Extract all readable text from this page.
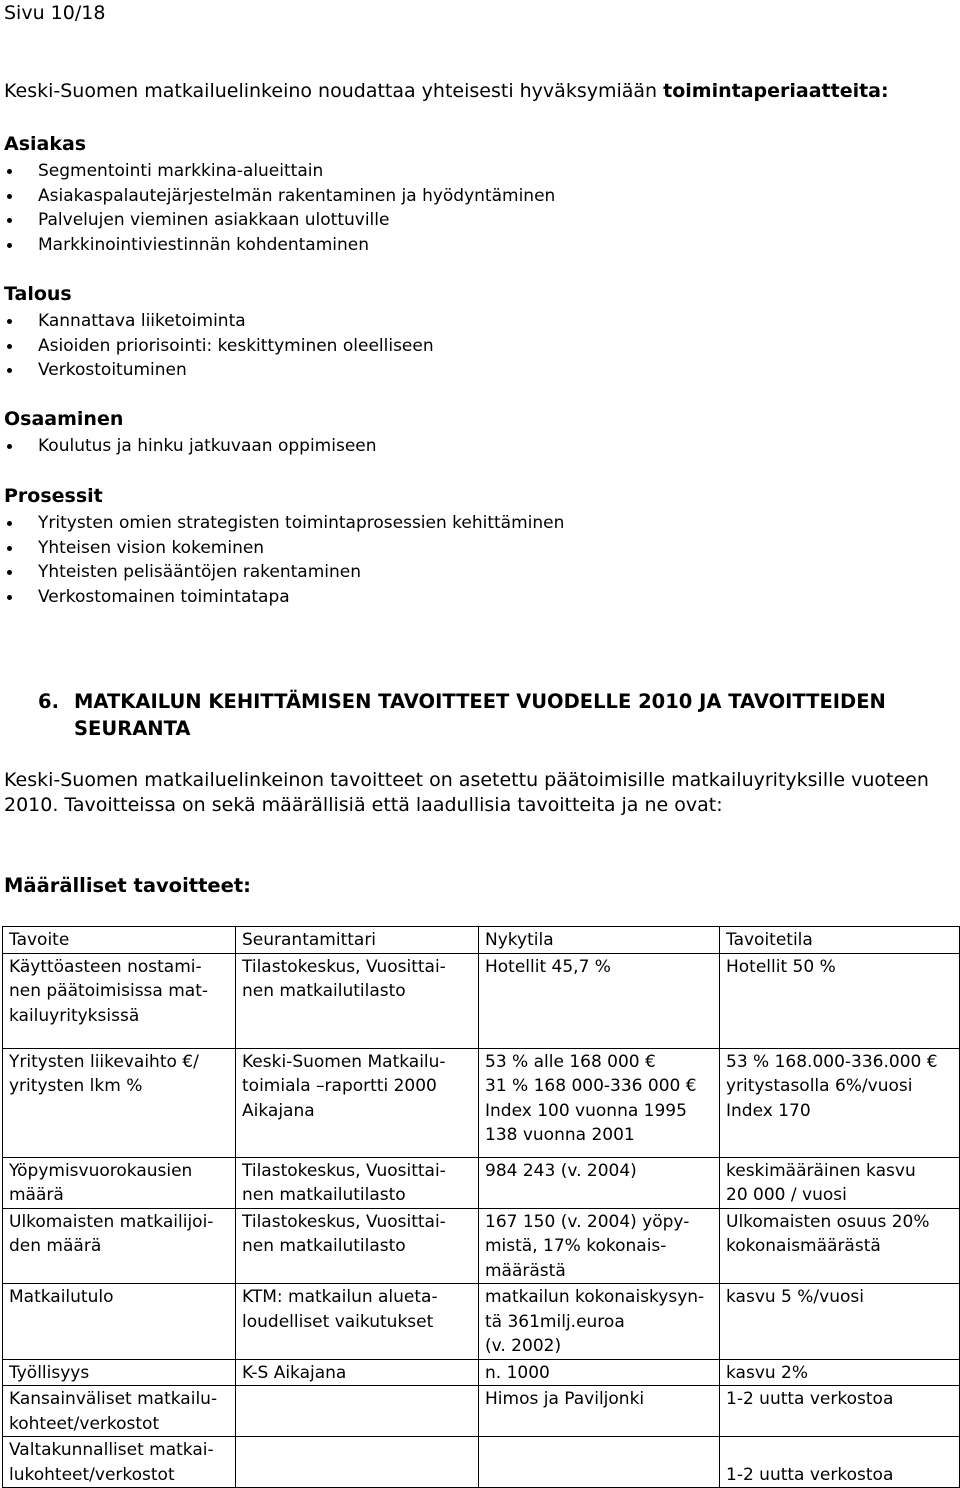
Sivu 10/18
Keski-Suomen matkailuelinkeino noudattaa yhteisesti hyväksymiään toimintaperiaatteita:
Asiakas
Segmentointi markkina-alueittain
Asiakaspalautejärjestelmän rakentaminen ja hyödyntäminen
Palvelujen vieminen asiakkaan ulottuville
Markkinointiviestinnän kohdentaminen
Talous
Kannattava liiketoiminta
Asioiden priorisointi: keskittyminen oleelliseen
Verkostoituminen
Osaaminen
Koulutus ja hinku jatkuvaan oppimiseen
Prosessit
Yritysten omien strategisten toimintaprosessien kehittäminen
Yhteisen vision kokeminen
Yhteisten pelisääntöjen rakentaminen
Verkostomainen toimintatapa
6. MATKAILUN KEHITTÄMISEN TAVOITTEET VUODELLE 2010 JA TAVOITTEIDEN
SEURANTA
Keski-Suomen matkailuelinkeinon tavoitteet on asetettu päätoimisille matkailuyrityksille vuoteen 2010. Tavoitteissa on sekä määrällisiä että laadullisia tavoitteita ja ne ovat:
Määrälliset tavoitteet:
Tavoite	Seurantamittari	Nykytila	Tavoitetila
Käyttöasteen nostami-
nen päätoimisissa mat-
kailuyrityksissä	Tilastokeskus, Vuosittai-
nen matkailutilasto	Hotellit 45,7 %	Hotellit 50 %
Yritysten liikevaihto €/
yritysten lkm %	Keski-Suomen Matkailu-
toimiala –raportti 2000
Aikajana	53 % alle 168 000 €
31 % 168 000-336 000 €
Index 100 vuonna 1995
138 vuonna 2001	53 % 168.000-336.000 €
yritystasolla 6%/vuosi
Index 170
Yöpymisvuorokausien
määrä	Tilastokeskus, Vuosittai-
nen matkailutilasto	984 243 (v. 2004)	keskimääräinen kasvu
20 000 / vuosi
Ulkomaisten matkailijoi-
den määrä	Tilastokeskus, Vuosittai-
nen matkailutilasto	167 150 (v. 2004) yöpy-
mistä, 17% kokonais-
määrästä	Ulkomaisten osuus 20%
kokonaismäärästä
Matkailutulo	KTM: matkailun alueta-
loudelliset vaikutukset	matkailun kokonaiskysyn-
tä 361milj.euroa
(v. 2002)	kasvu 5 %/vuosi
Työllisyys	K-S Aikajana	n. 1000	kasvu 2%
Kansainväliset matkailu-
kohteet/verkostot		Himos ja Paviljonki	1-2 uutta verkostoa
Valtakunnalliset matkai-
lukohteet/verkostot			1-2 uutta verkostoa
